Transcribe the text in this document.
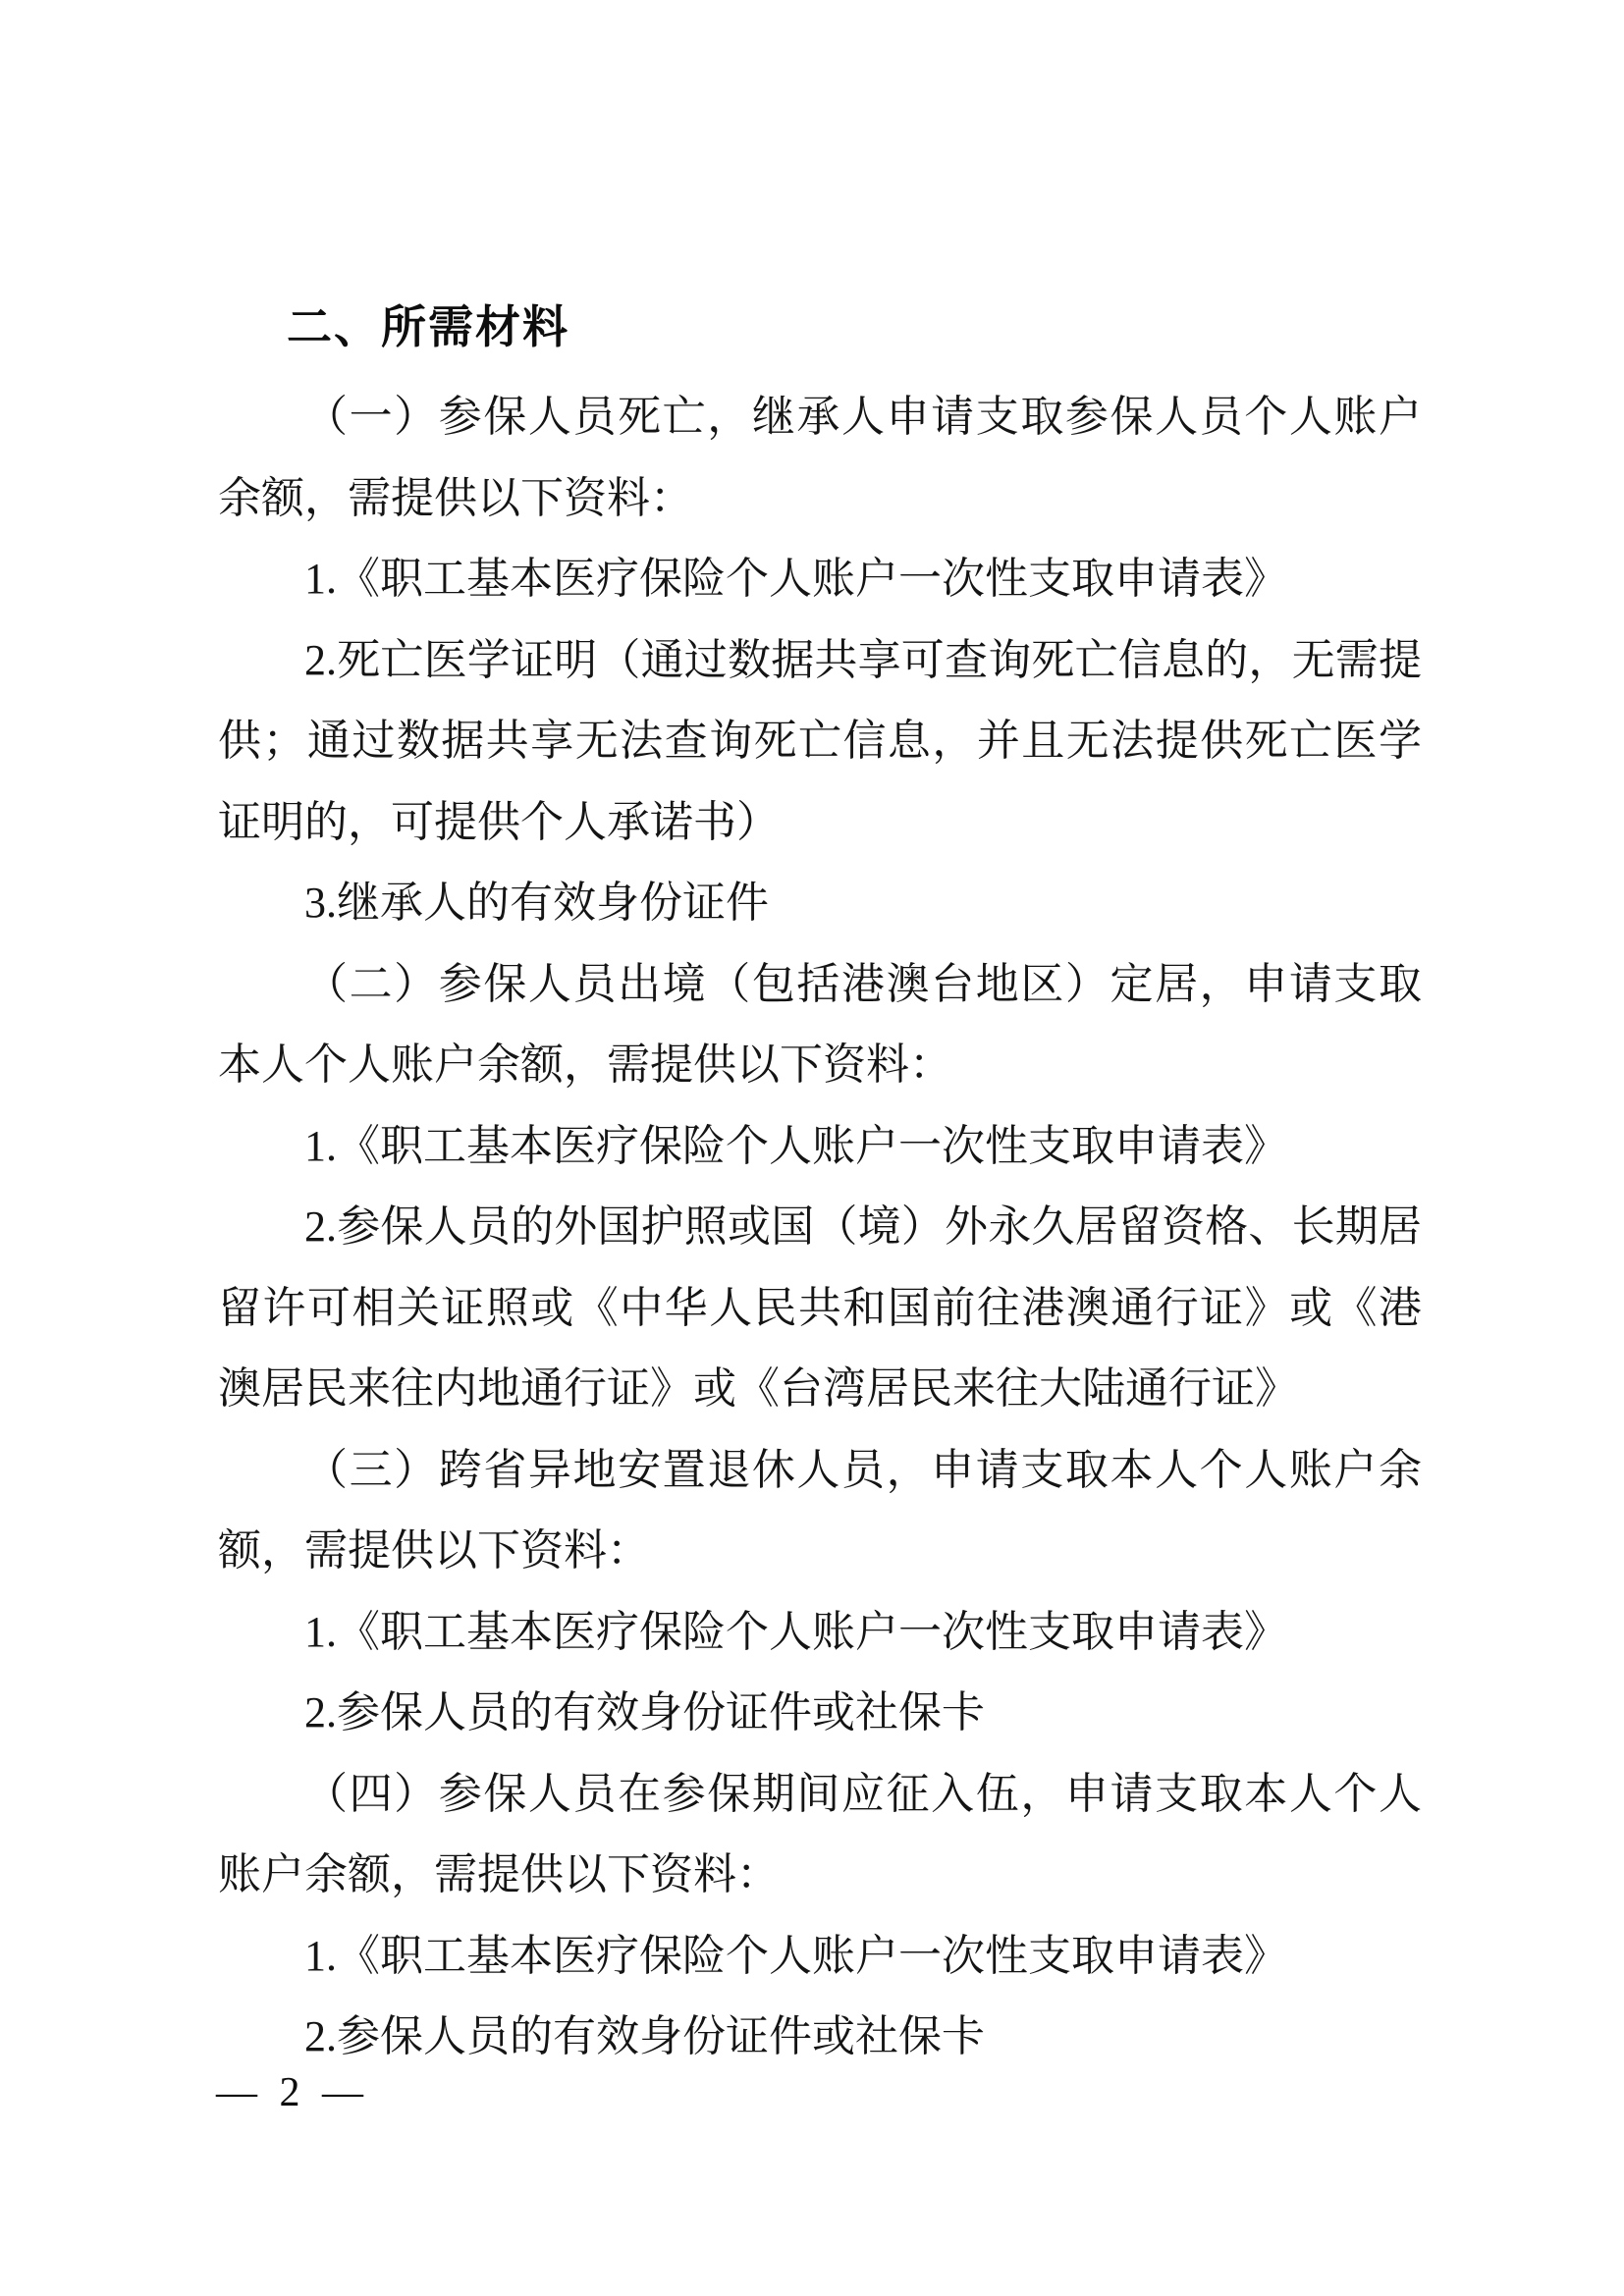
二、所需材料

（一）参保人员死亡，继承人申请支取参保人员个人账户余额，需提供以下资料：

1.《职工基本医疗保险个人账户一次性支取申请表》

2.死亡医学证明（通过数据共享可查询死亡信息的，无需提供；通过数据共享无法查询死亡信息，并且无法提供死亡医学证明的，可提供个人承诺书）

3.继承人的有效身份证件

（二）参保人员出境（包括港澳台地区）定居，申请支取本人个人账户余额，需提供以下资料：

1.《职工基本医疗保险个人账户一次性支取申请表》

2.参保人员的外国护照或国（境）外永久居留资格、长期居留许可相关证照或《中华人民共和国前往港澳通行证》或《港澳居民来往内地通行证》或《台湾居民来往大陆通行证》

（三）跨省异地安置退休人员，申请支取本人个人账户余额，需提供以下资料：

1.《职工基本医疗保险个人账户一次性支取申请表》

2.参保人员的有效身份证件或社保卡

（四）参保人员在参保期间应征入伍，申请支取本人个人账户余额，需提供以下资料：

1.《职工基本医疗保险个人账户一次性支取申请表》

2.参保人员的有效身份证件或社保卡

— 2 —
